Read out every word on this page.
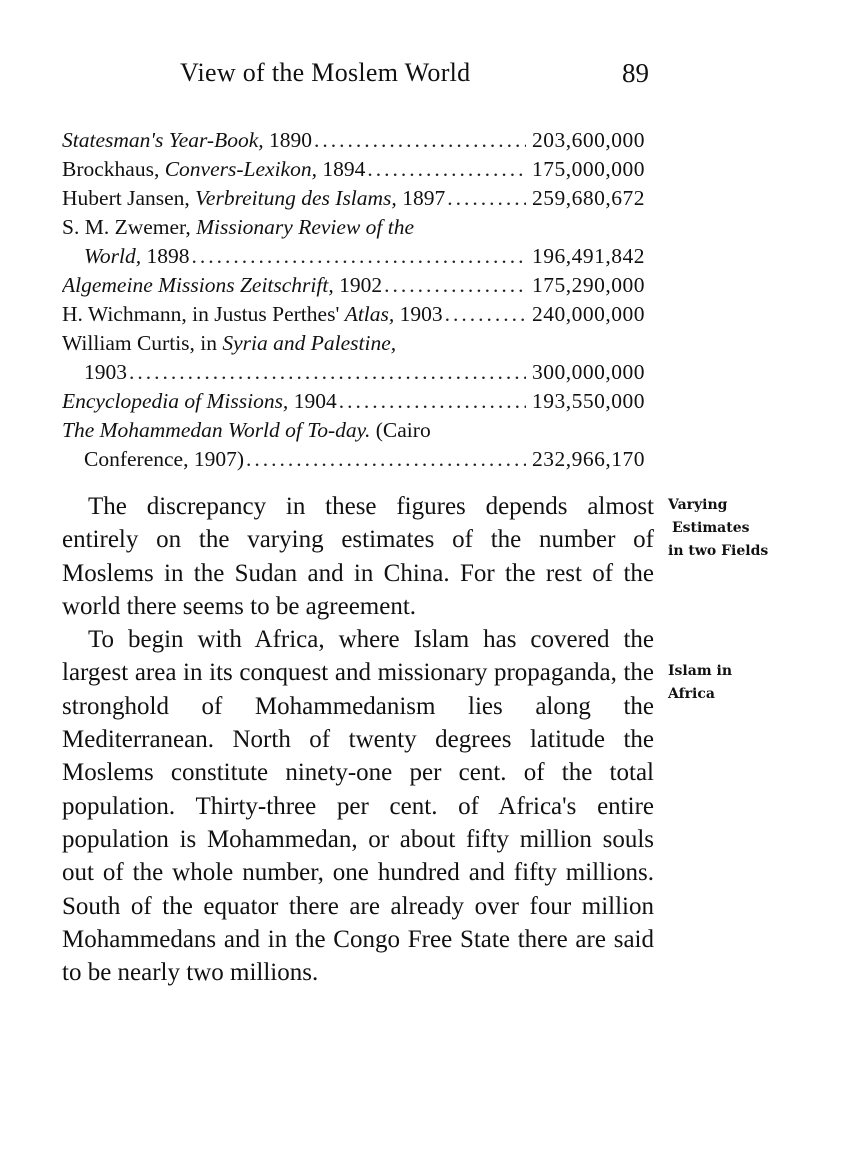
View of the Moslem World	89
Statesman's Year-Book, 1890 .....	203,600,000
Brockhaus, Convers-Lexikon, 1894 .....	175,000,000
Hubert Jansen, Verbreitung des Islams, 1897 .....	259,680,672
S. M. Zwemer, Missionary Review of the
World, 1898 .....	196,491,842
Algemeine Missions Zeitschrift, 1902 .....	175,290,000
H. Wichmann, in Justus Perthes' Atlas, 1903 .....	240,000,000
William Curtis, in Syria and Palestine,
1903 .....	300,000,000
Encyclopedia of Missions, 1904 .....	193,550,000
The Mohammedan World of To-day. (Cairo
Conference, 1907) .....	232,966,170

The discrepancy in these figures depends almost entirely on the varying estimates of the number of Moslems in the Sudan and in China. For the rest of the world there seems to be agreement.

To begin with Africa, where Islam has covered the largest area in its conquest and missionary propaganda, the stronghold of Mohammedanism lies along the Mediterranean. North of twenty degrees latitude the Moslems constitute ninety-one per cent. of the total population. Thirty-three per cent. of Africa's entire population is Mohammedan, or about fifty million souls out of the whole number, one hundred and fifty millions. South of the equator there are already over four million Mohammedans and in the Congo Free State there are said to be nearly two millions.

Varying
Estimates
in two Fields
Islam in
Africa
